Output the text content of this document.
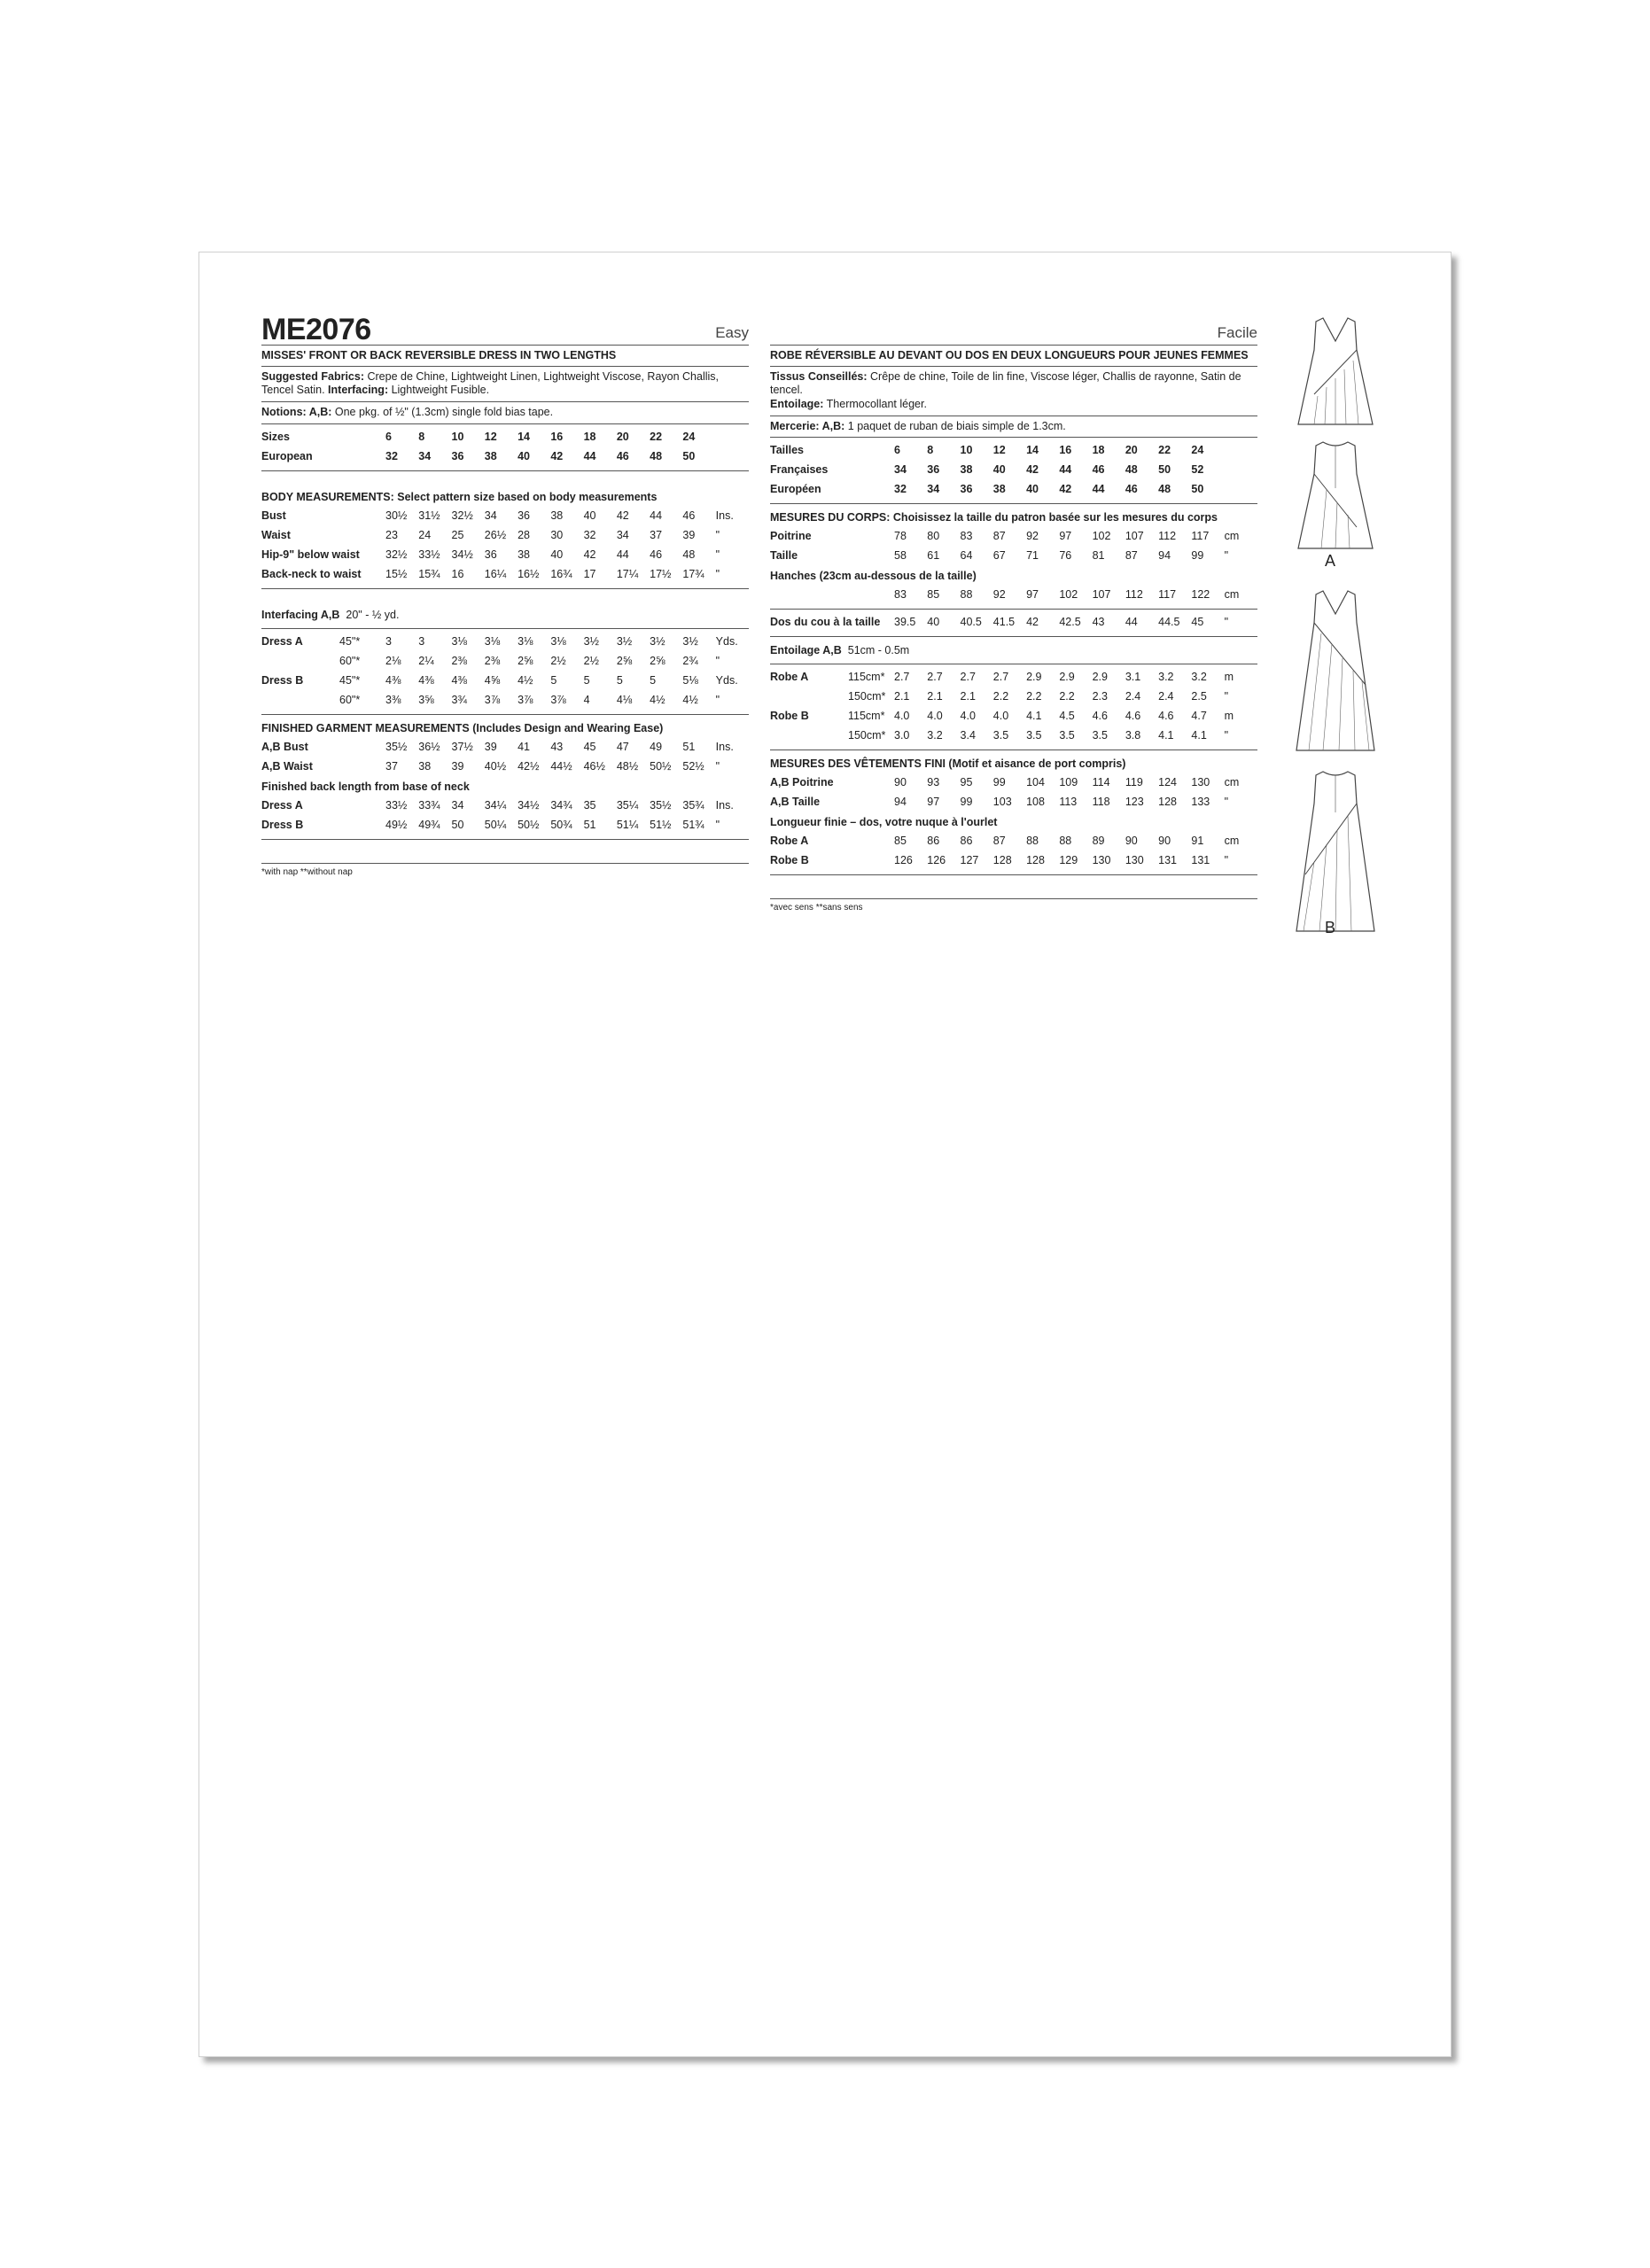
ME2076	Easy
MISSES' FRONT OR BACK REVERSIBLE DRESS IN TWO LENGTHS
Suggested Fabrics: Crepe de Chine, Lightweight Linen, Lightweight Viscose, Rayon Challis, Tencel Satin. Interfacing: Lightweight Fusible.
Notions: A,B: One pkg. of ½" (1.3cm) single fold bias tape.
Sizes	6	8	10	12	14	16	18	20	22	24	
European	32	34	36	38	40	42	44	46	48	50	
BODY MEASUREMENTS: Select pattern size based on body measurements
Bust	30½	31½	32½	34	36	38	40	42	44	46	Ins.
Waist	23	24	25	26½	28	30	32	34	37	39	"
Hip-9" below waist	32½	33½	34½	36	38	40	42	44	46	48	"
Back-neck to waist	15½	15¾	16	16¼	16½	16¾	17	17¼	17½	17¾	"
Interfacing A,B 20" - ½ yd.
Dress A	45"*	3	3	3⅛	3⅛	3⅛	3⅛	3½	3½	3½	3½	Yds.
	60"*	2⅛	2¼	2⅜	2⅜	2⅝	2½	2½	2⅝	2⅝	2¾	"
Dress B	45"*	4⅜	4⅜	4⅜	4⅝	4½	5	5	5	5	5⅛	Yds.
	60"*	3⅜	3⅝	3¾	3⅞	3⅞	3⅞	4	4⅛	4½	4½	"
FINISHED GARMENT MEASUREMENTS (Includes Design and Wearing Ease)
A,B Bust	35½	36½	37½	39	41	43	45	47	49	51	Ins.
A,B Waist	37	38	39	40½	42½	44½	46½	48½	50½	52½	"
Finished back length from base of neck
Dress A	33½	33¾	34	34¼	34½	34¾	35	35¼	35½	35¾	Ins.
Dress B	49½	49¾	50	50¼	50½	50¾	51	51¼	51½	51¾	"
*with nap **without nap
Facile
ROBE RÉVERSIBLE AU DEVANT OU DOS EN DEUX LONGUEURS POUR JEUNES FEMMES
Tissus Conseillés: Crêpe de chine, Toile de lin fine, Viscose léger, Challis de rayonne, Satin de tencel.
Entoilage: Thermocollant léger.
Mercerie: A,B: 1 paquet de ruban de biais simple de 1.3cm.
Tailles	6	8	10	12	14	16	18	20	22	24	
Françaises	34	36	38	40	42	44	46	48	50	52	
Européen	32	34	36	38	40	42	44	46	48	50	
MESURES DU CORPS: Choisissez la taille du patron basée sur les mesures du corps
Poitrine	78	80	83	87	92	97	102	107	112	117	cm
Taille	58	61	64	67	71	76	81	87	94	99	"
Hanches (23cm au-dessous de la taille)
	83	85	88	92	97	102	107	112	117	122	cm
Dos du cou à la taille	39.5	40	40.5	41.5	42	42.5	43	44	44.5	45	"
Entoilage A,B 51cm - 0.5m
Robe A	115cm*	2.7	2.7	2.7	2.7	2.9	2.9	2.9	3.1	3.2	3.2	m
	150cm*	2.1	2.1	2.1	2.2	2.2	2.2	2.3	2.4	2.4	2.5	"
Robe B	115cm*	4.0	4.0	4.0	4.0	4.1	4.5	4.6	4.6	4.6	4.7	m
	150cm*	3.0	3.2	3.4	3.5	3.5	3.5	3.5	3.8	4.1	4.1	"
MESURES DES VÊTEMENTS FINI (Motif et aisance de port compris)
A,B Poitrine	90	93	95	99	104	109	114	119	124	130	cm
A,B Taille	94	97	99	103	108	113	118	123	128	133	"
Longueur finie – dos, votre nuque à l'ourlet
Robe A	85	86	86	87	88	88	89	90	90	91	cm
Robe B	126	126	127	128	128	129	130	130	131	131	"
*avec sens **sans sens
A
B
